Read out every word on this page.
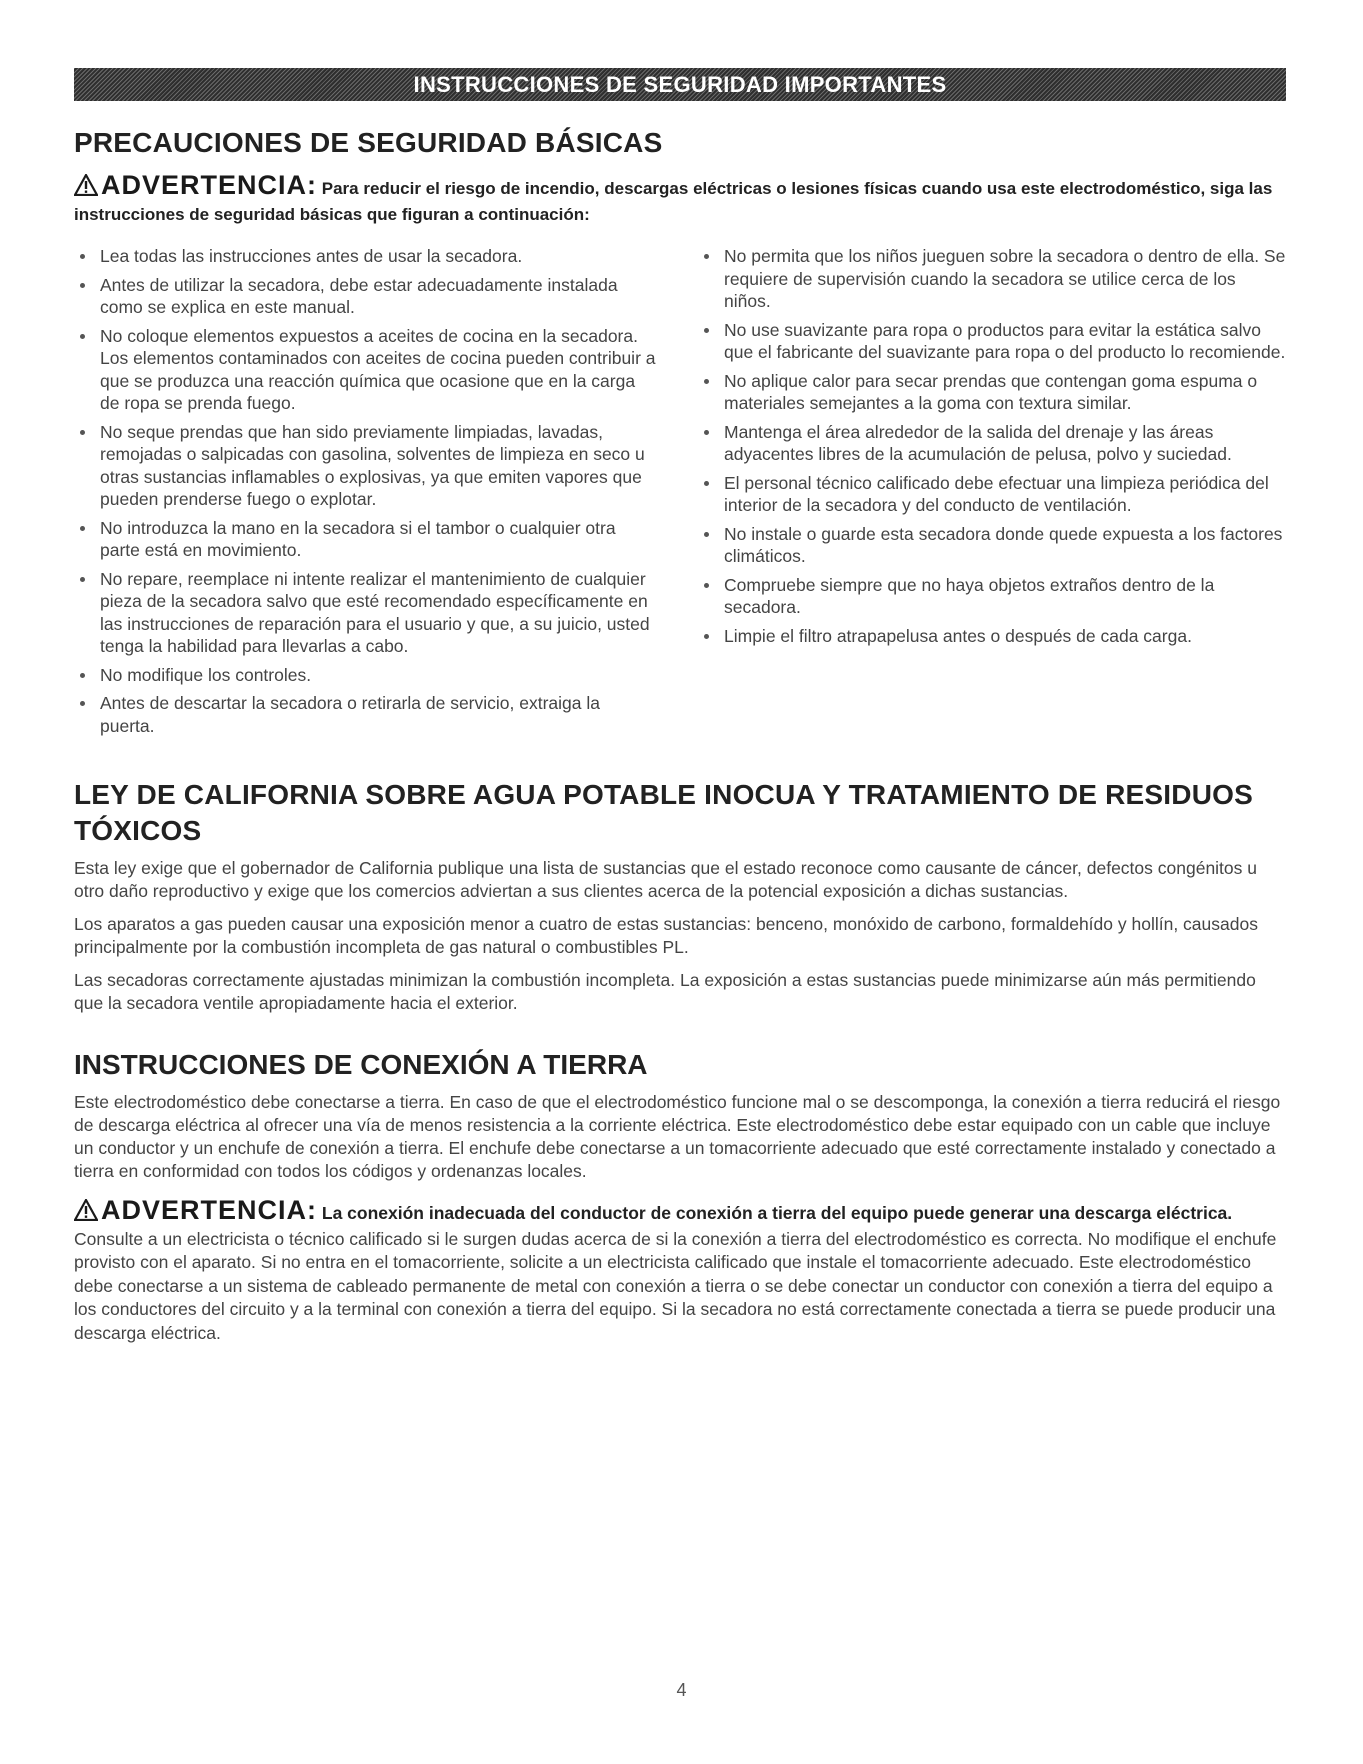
INSTRUCCIONES DE SEGURIDAD IMPORTANTES
PRECAUCIONES DE SEGURIDAD BÁSICAS
ADVERTENCIA: Para reducir el riesgo de incendio, descargas eléctricas o lesiones físicas cuando usa este electrodoméstico, siga las instrucciones de seguridad básicas que figuran a continuación:
Lea todas las instrucciones antes de usar la secadora.
Antes de utilizar la secadora, debe estar adecuadamente instalada como se explica en este manual.
No coloque elementos expuestos a aceites de cocina en la secadora. Los elementos contaminados con aceites de cocina pueden contribuir a que se produzca una reacción química que ocasione que en la carga de ropa se prenda fuego.
No seque prendas que han sido previamente limpiadas, lavadas, remojadas o salpicadas con gasolina, solventes de limpieza en seco u otras sustancias inflamables o explosivas, ya que emiten vapores que pueden prenderse fuego o explotar.
No introduzca la mano en la secadora si el tambor o cualquier otra parte está en movimiento.
No repare, reemplace ni intente realizar el mantenimiento de cualquier pieza de la secadora salvo que esté recomendado específicamente en las instrucciones de reparación para el usuario y que, a su juicio, usted tenga la habilidad para llevarlas a cabo.
No modifique los controles.
Antes de descartar la secadora o retirarla de servicio, extraiga la puerta.
No permita que los niños jueguen sobre la secadora o dentro de ella. Se requiere de supervisión cuando la secadora se utilice cerca de los niños.
No use suavizante para ropa o productos para evitar la estática salvo que el fabricante del suavizante para ropa o del producto lo recomiende.
No aplique calor para secar prendas que contengan goma espuma o materiales semejantes a la goma con textura similar.
Mantenga el área alrededor de la salida del drenaje y las áreas adyacentes libres de la acumulación de pelusa, polvo y suciedad.
El personal técnico calificado debe efectuar una limpieza periódica del interior de la secadora y del conducto de ventilación.
No instale o guarde esta secadora donde quede expuesta a los factores climáticos.
Compruebe siempre que no haya objetos extraños dentro de la secadora.
Limpie el filtro atrapapelusa antes o después de cada carga.
LEY DE CALIFORNIA SOBRE AGUA POTABLE INOCUA Y TRATAMIENTO DE RESIDUOS TÓXICOS

Esta ley exige que el gobernador de California publique una lista de sustancias que el estado reconoce como causante de cáncer, defectos congénitos u otro daño reproductivo y exige que los comercios adviertan a sus clientes acerca de la potencial exposición a dichas sustancias.

Los aparatos a gas pueden causar una exposición menor a cuatro de estas sustancias: benceno, monóxido de carbono, formaldehído y hollín, causados principalmente por la combustión incompleta de gas natural o combustibles PL.

Las secadoras correctamente ajustadas minimizan la combustión incompleta. La exposición a estas sustancias puede minimizarse aún más permitiendo que la secadora ventile apropiadamente hacia el exterior.

INSTRUCCIONES DE CONEXIÓN A TIERRA

Este electrodoméstico debe conectarse a tierra. En caso de que el electrodoméstico funcione mal o se descomponga, la conexión a tierra reducirá el riesgo de descarga eléctrica al ofrecer una vía de menos resistencia a la corriente eléctrica. Este electrodoméstico debe estar equipado con un cable que incluye un conductor y un enchufe de conexión a tierra. El enchufe debe conectarse a un tomacorriente adecuado que esté correctamente instalado y conectado a tierra en conformidad con todos los códigos y ordenanzas locales.

ADVERTENCIA: La conexión inadecuada del conductor de conexión a tierra del equipo puede generar una descarga eléctrica. Consulte a un electricista o técnico calificado si le surgen dudas acerca de si la conexión a tierra del electrodoméstico es correcta. No modifique el enchufe provisto con el aparato. Si no entra en el tomacorriente, solicite a un electricista calificado que instale el tomacorriente adecuado. Este electrodoméstico debe conectarse a un sistema de cableado permanente de metal con conexión a tierra o se debe conectar un conductor con conexión a tierra del equipo a los conductores del circuito y a la terminal con conexión a tierra del equipo. Si la secadora no está correctamente conectada a tierra se puede producir una descarga eléctrica.
4
